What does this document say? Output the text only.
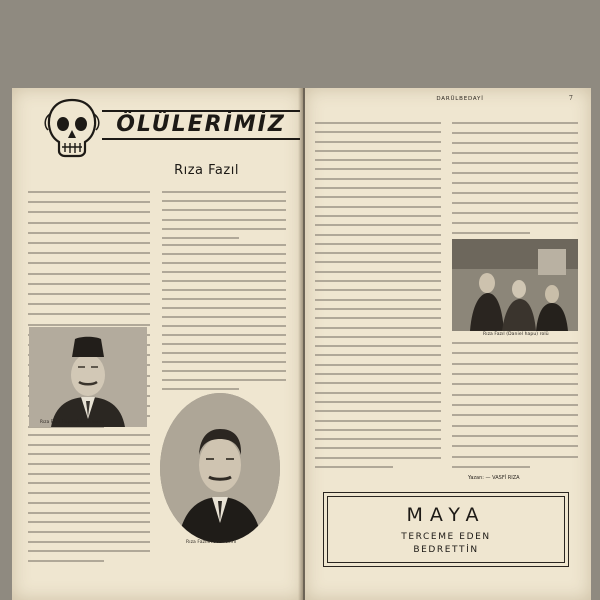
ÖLÜLERİMİZ
Rıza Fazıl
Rıza Fazıl Hapiyoluktan sonra
Rıza Fazılın son resmi
DARÜLBEDAYİ	7
Rıza Fazıl (Daniel hapu) rolü
Yazan: — VASFİ RIZA
MAYA
TERCEME EDEN
BEDRETTİN
